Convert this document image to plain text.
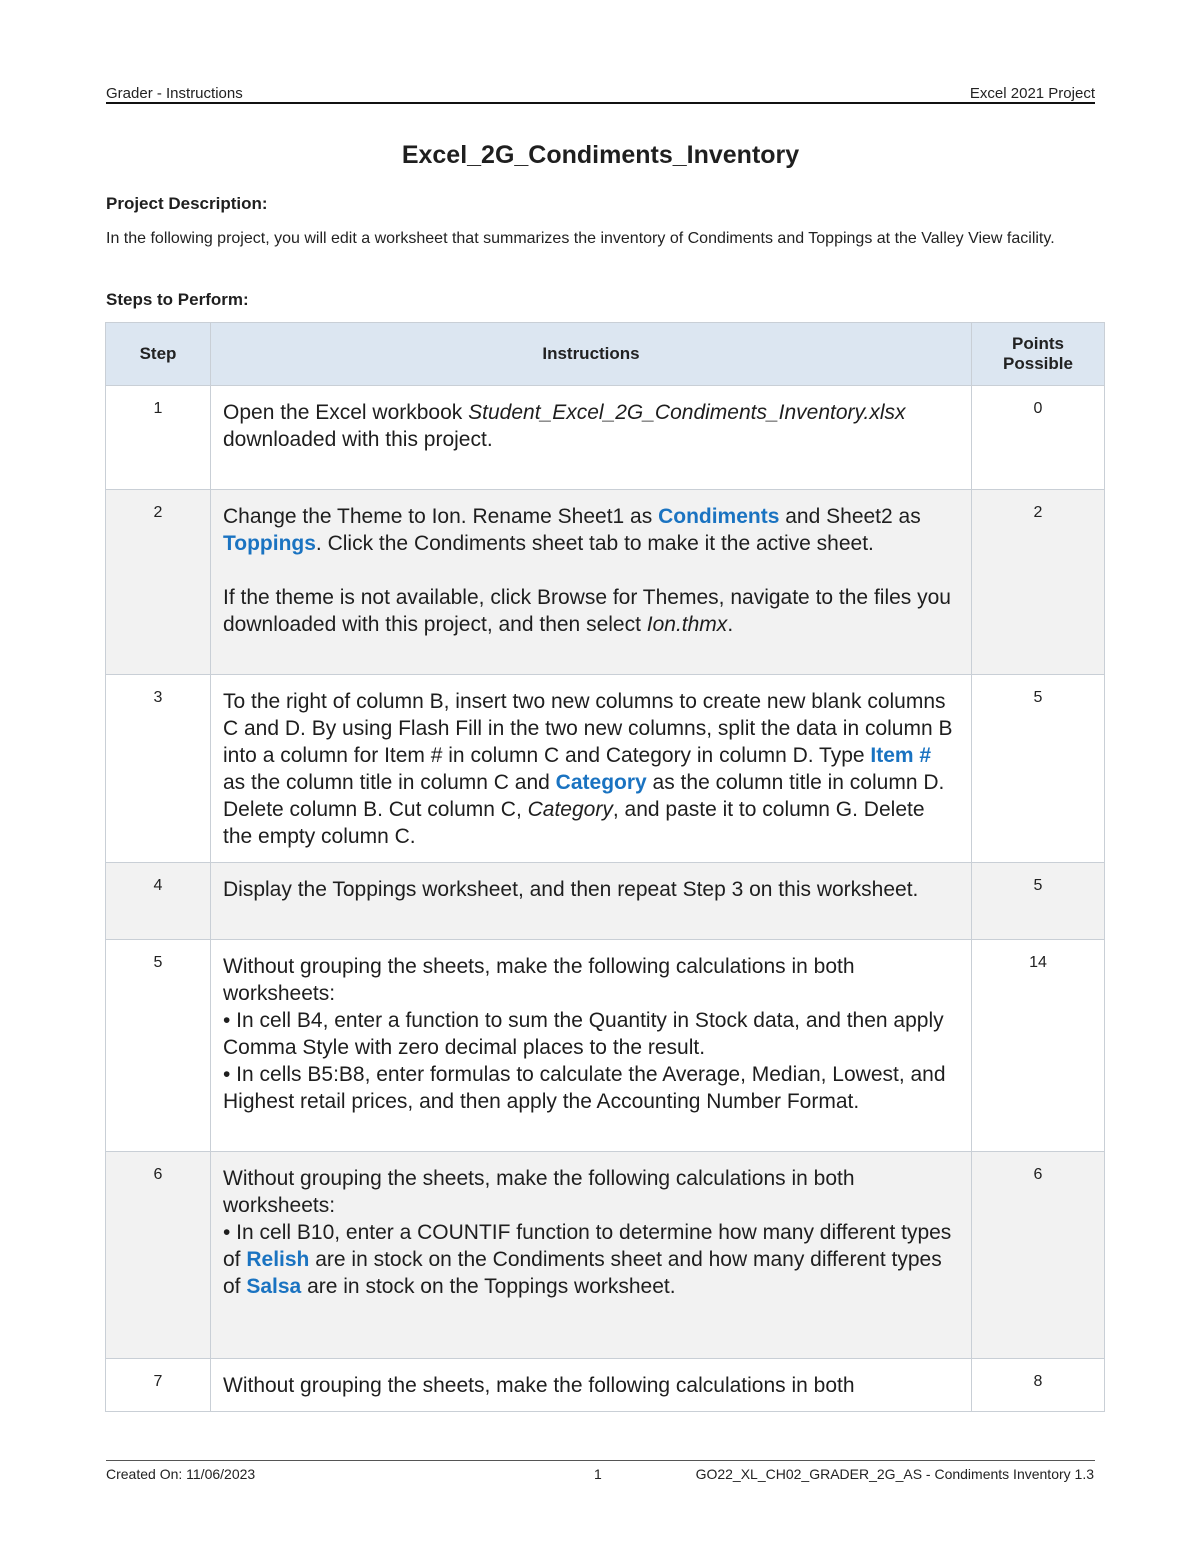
Grader - Instructions	Excel 2021 Project
Excel_2G_Condiments_Inventory
Project Description:
In the following project, you will edit a worksheet that summarizes the inventory of Condiments and Toppings at the Valley View facility.
Steps to Perform:
Step	Instructions	Points
Possible
1	Open the Excel workbook Student_Excel_2G_Condiments_Inventory.xlsx downloaded with this project.	0
2	Change the Theme to Ion. Rename Sheet1 as Condiments and Sheet2 as Toppings. Click the Condiments sheet tab to make it the active sheet.

If the theme is not available, click Browse for Themes, navigate to the files you downloaded with this project, and then select Ion.thmx.	2
3	To the right of column B, insert two new columns to create new blank columns C and D. By using Flash Fill in the two new columns, split the data in column B into a column for Item # in column C and Category in column D. Type Item # as the column title in column C and Category as the column title in column D. Delete column B. Cut column C, Category, and paste it to column G. Delete the empty column C.	5
4	Display the Toppings worksheet, and then repeat Step 3 on this worksheet.	5
5	Without grouping the sheets, make the following calculations in both worksheets:
• In cell B4, enter a function to sum the Quantity in Stock data, and then apply Comma Style with zero decimal places to the result.
• In cells B5:B8, enter formulas to calculate the Average, Median, Lowest, and Highest retail prices, and then apply the Accounting Number Format.	14
6	Without grouping the sheets, make the following calculations in both worksheets:
• In cell B10, enter a COUNTIF function to determine how many different types of Relish are in stock on the Condiments sheet and how many different types of Salsa are in stock on the Toppings worksheet.	6
7	Without grouping the sheets, make the following calculations in both	8
Created On: 11/06/2023	1	GO22_XL_CH02_GRADER_2G_AS - Condiments Inventory 1.3
